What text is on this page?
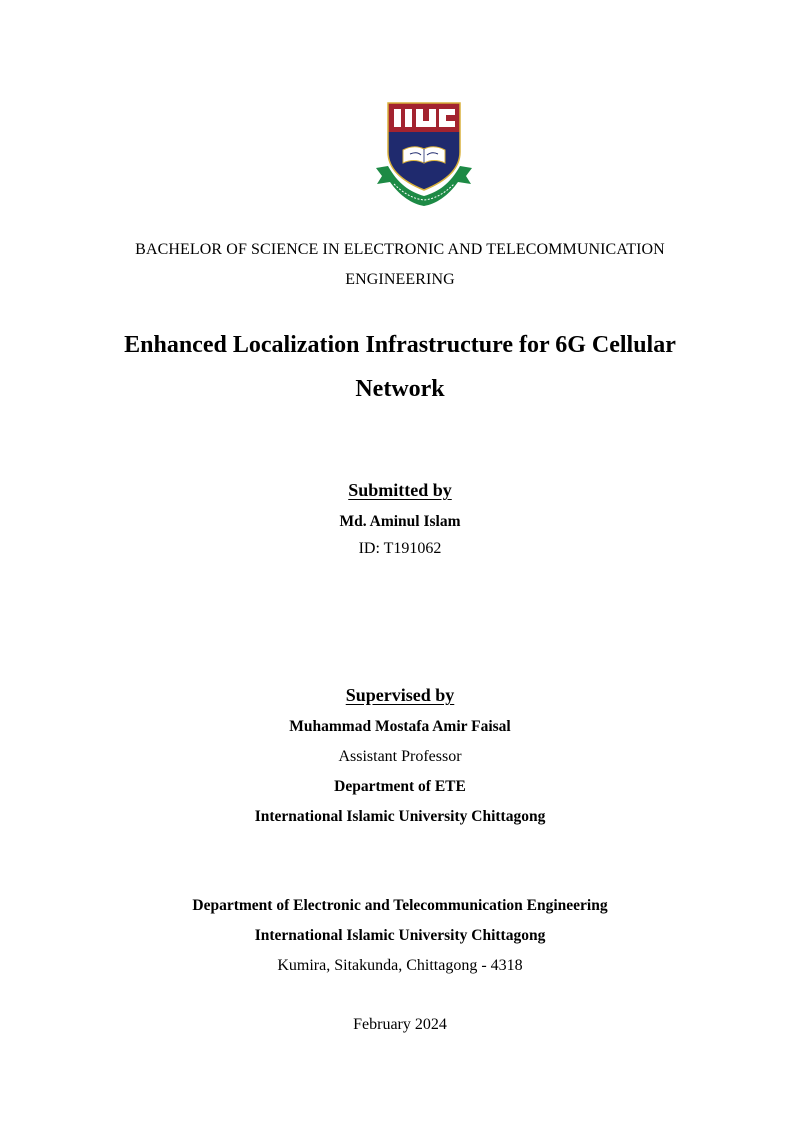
BACHELOR OF SCIENCE IN ELECTRONIC AND TELECOMMUNICATION
ENGINEERING
Enhanced Localization Infrastructure for 6G Cellular
Network
Submitted by
Md. Aminul Islam
ID: T191062
Supervised by
Muhammad Mostafa Amir Faisal
Assistant Professor
Department of ETE
International Islamic University Chittagong
Department of Electronic and Telecommunication Engineering
International Islamic University Chittagong
Kumira, Sitakunda, Chittagong - 4318
February 2024
